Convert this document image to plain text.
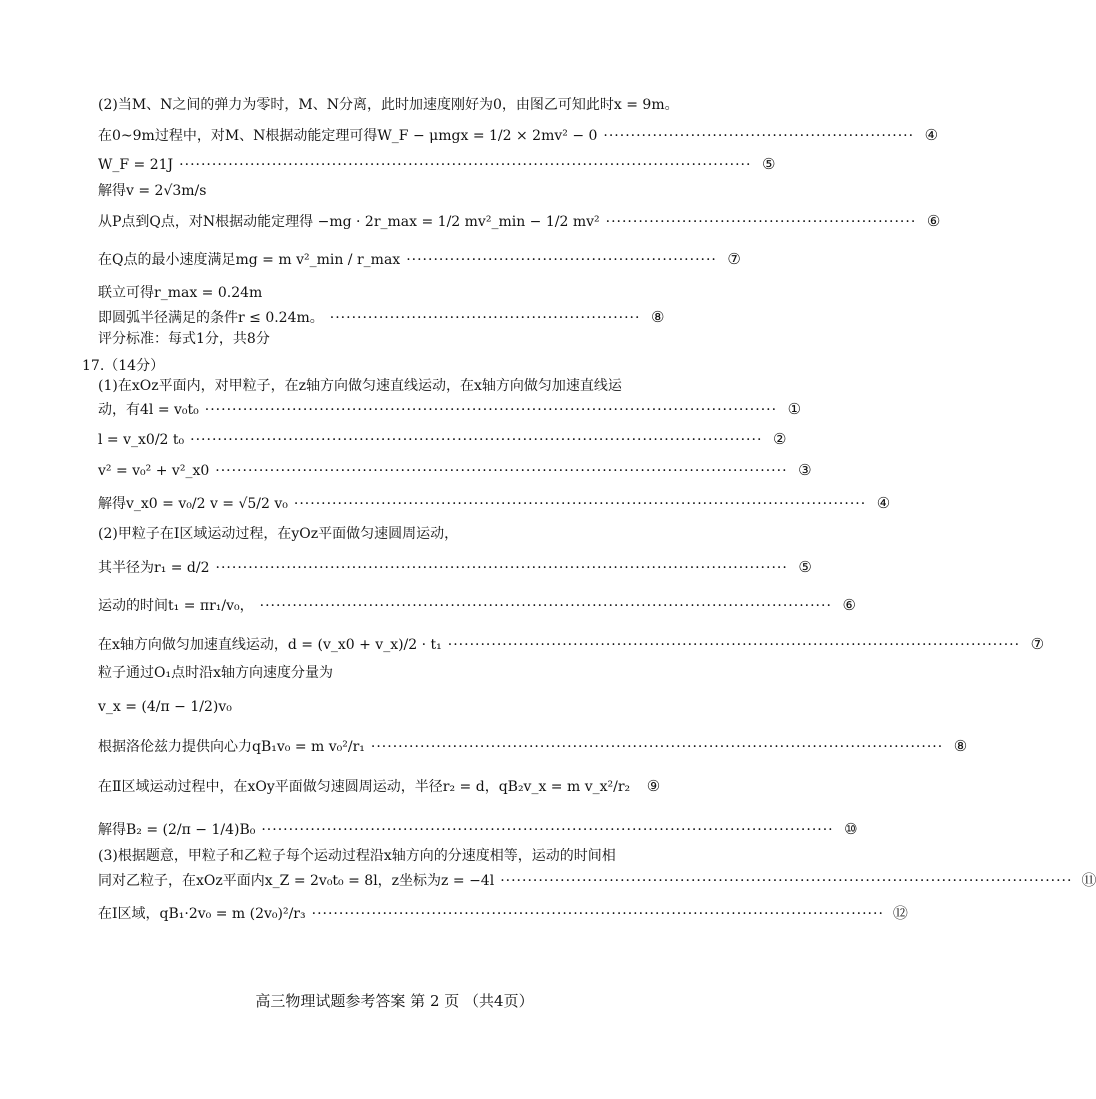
(2)当M、N之间的弹力为零时，M、N分离，此时加速度刚好为0，由图乙可知此时x = 9m。
在0~9m过程中，对M、N根据动能定理可得W_F − μmgx = 1/2 × 2mv² − 0 ························································· ④
W_F = 21J ········································································································· ⑤
解得v = 2√3m/s
从P点到Q点，对N根据动能定理得 −mg · 2r_max = 1/2 mv²_min − 1/2 mv² ························································· ⑥
在Q点的最小速度满足mg = m v²_min / r_max ························································· ⑦
联立可得r_max = 0.24m
即圆弧半径满足的条件r ≤ 0.24m。 ························································· ⑧
评分标准：每式1分，共8分
17.（14分）
(1)在xOz平面内，对甲粒子，在z轴方向做匀速直线运动，在x轴方向做匀加速直线运
动，有4l = v₀t₀ ········································································································· ①
l = v_x0/2 t₀ ········································································································· ②
v² = v₀² + v²_x0 ········································································································· ③
解得v_x0 = v₀/2 v = √5/2 v₀ ········································································································· ④
(2)甲粒子在Ⅰ区域运动过程，在yOz平面做匀速圆周运动，
其半径为r₁ = d/2 ········································································································· ⑤
运动的时间t₁ = πr₁/v₀， ········································································································· ⑥
在x轴方向做匀加速直线运动，d = (v_x0 + v_x)/2 · t₁ ········································································································· ⑦
粒子通过O₁点时沿x轴方向速度分量为
v_x = (4/π − 1/2)v₀
根据洛伦兹力提供向心力qB₁v₀ = m v₀²/r₁ ········································································································· ⑧
在Ⅱ区域运动过程中，在xOy平面做匀速圆周运动，半径r₂ = d，qB₂v_x = m v_x²/r₂	⑨
解得B₂ = (2/π − 1/4)B₀ ········································································································· ⑩
(3)根据题意，甲粒子和乙粒子每个运动过程沿x轴方向的分速度相等，运动的时间相
同对乙粒子，在xOz平面内x_Z = 2v₀t₀ = 8l，z坐标为z = −4l ········································································································· ⑪
在Ⅰ区域，qB₁·2v₀ = m (2v₀)²/r₃ ········································································································· ⑫
高三物理试题参考答案 第 2 页 （共4页）
